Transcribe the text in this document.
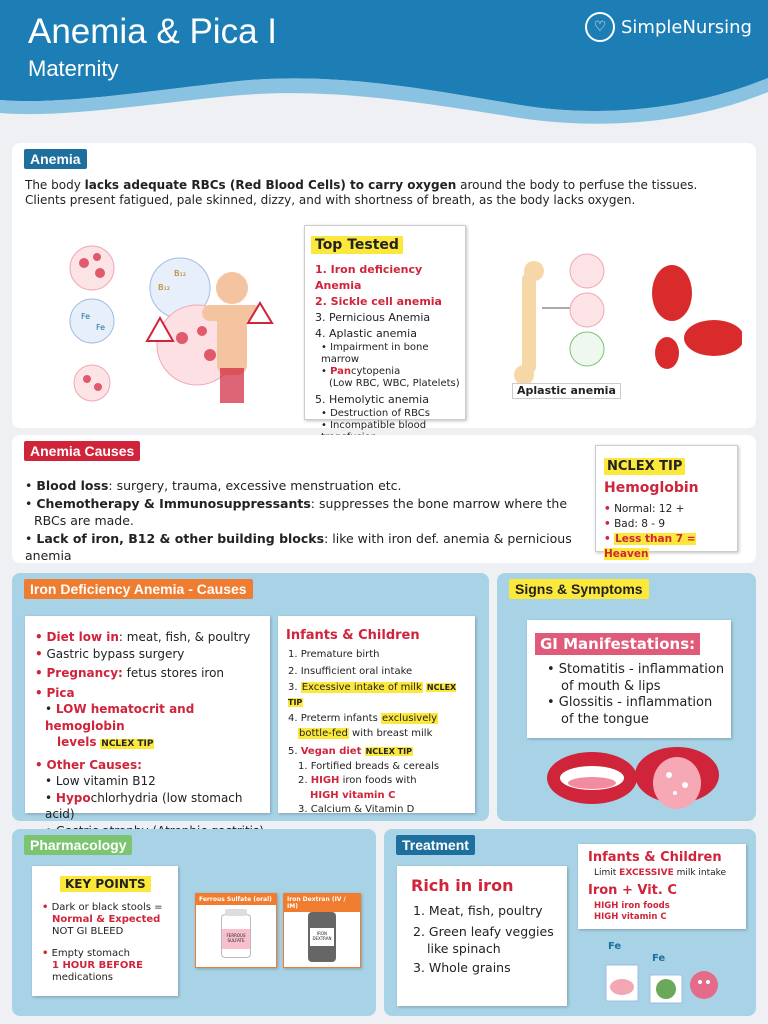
Anemia & Pica I
Maternity
♡ SimpleNursing
Anemia
The body lacks adequate RBCs (Red Blood Cells) to carry oxygen around the body to perfuse the tissues.
Clients present fatigued, pale skinned, dizzy, and with shortness of breath, as the body lacks oxygen.
Fe
Fe
B₁₂
B₁₂
Top Tested
1. Iron deficiency Anemia
2. Sickle cell anemia
3. Pernicious Anemia
4. Aplastic anemia
• Impairment in bone marrow
• Pancytopenia
(Low RBC, WBC, Platelets)
5. Hemolytic anemia
• Destruction of RBCs
• Incompatible blood
Aplastic anemia
Anemia Causes
• Blood loss: surgery, trauma, excessive menstruation etc.
• Chemotherapy & Immunosuppressants: suppresses the bone marrow where the
RBCs are made.
• Lack of iron, B12 & other building blocks: like with iron def. anemia & pernicious anemia
NCLEX TIP
Hemoglobin
• Normal: 12 +
• Bad: 8 - 9
• Less than 7 = Heaven
Iron Deficiency Anemia - Causes
• Diet low in: meat, fish, & poultry
• Gastric bypass surgery
• Pregnancy: fetus stores iron
• Pica
• LOW hematocrit and hemoglobin
levels NCLEX TIP
• Other Causes:
• Low vitamin B12
• Hypochlorhydria (low stomach acid)
Infants & Children
1. Premature birth
2. Insufficient oral intake
3. Excessive intake of milk NCLEX TIP
4. Preterm infants exclusively
bottle-fed with breast milk
5. Vegan diet NCLEX TIP
1. Fortified breads & cereals
2. HIGH iron foods with
HIGH vitamin C
3. Calcium & Vitamin D
Signs & Symptoms
GI Manifestations:
• Stomatitis - inflammation
of mouth & lips
• Glossitis - inflammation
of the tongue
Pharmacology
KEY POINTS
• Dark or black stools =
Normal & Expected
NOT GI BLEED
• Empty stomach
1 HOUR BEFORE
medications
Ferrous Sulfate (oral)
FERROUS SULFATE
Iron Dextran (IV / IM)
IRON DEXTRAN
Treatment
Rich in iron
1. Meat, fish, poultry
2. Green leafy veggies
like spinach
3. Whole grains
Infants & Children
Limit EXCESSIVE milk intake
Iron + Vit. C
HIGH iron foods
HIGH vitamin C
Fe
Fe
